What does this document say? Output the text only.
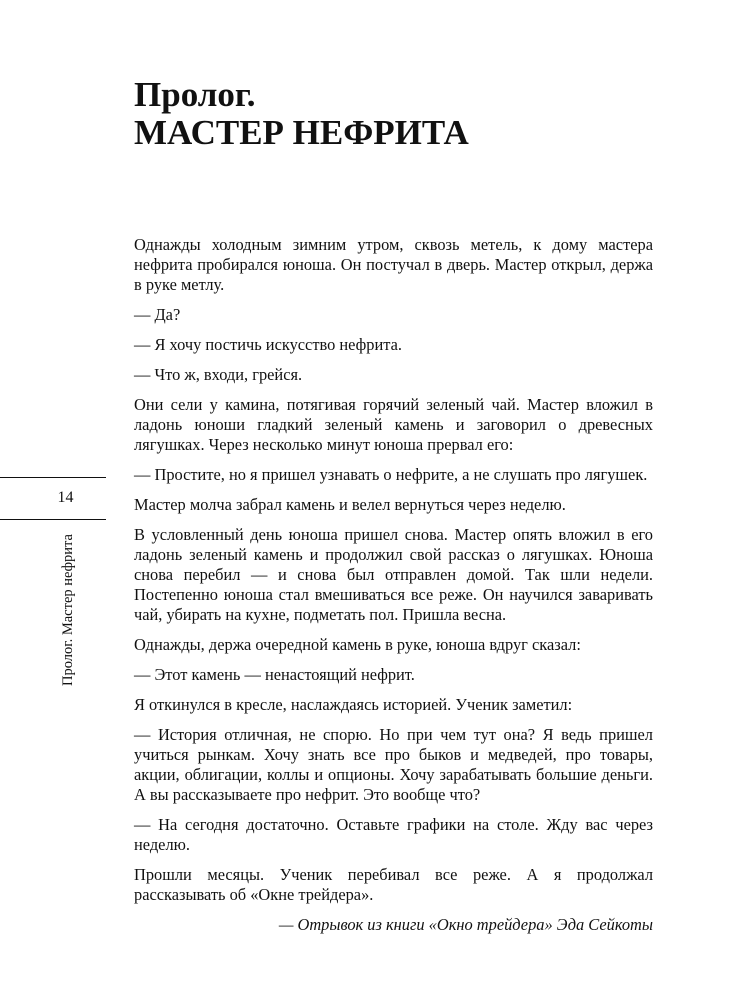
Пролог.
МАСТЕР НЕФРИТА
14
Пролог. Мастер нефрита

Однажды холодным зимним утром, сквозь метель, к дому мастера нефрита пробирался юноша. Он постучал в дверь. Мастер открыл, держа в руке метлу.

— Да?

— Я хочу постичь искусство нефрита.

— Что ж, входи, грейся.

Они сели у камина, потягивая горячий зеленый чай. Мастер вложил в ладонь юноши гладкий зеленый камень и заговорил о древесных лягушках. Через несколько минут юноша прервал его:

— Простите, но я пришел узнавать о нефрите, а не слушать про лягушек.

Мастер молча забрал камень и велел вернуться через неделю.

В условленный день юноша пришел снова. Мастер опять вложил в его ладонь зеленый камень и продолжил свой рассказ о лягушках. Юноша снова перебил — и снова был отправлен домой. Так шли недели. Постепенно юноша стал вмешиваться все реже. Он научился заваривать чай, убирать на кухне, подметать пол. Пришла весна.

Однажды, держа очередной камень в руке, юноша вдруг сказал:

— Этот камень — ненастоящий нефрит.

Я откинулся в кресле, наслаждаясь историей. Ученик заметил:

— История отличная, не спорю. Но при чем тут она? Я ведь пришел учиться рынкам. Хочу знать все про быков и медведей, про товары, акции, облигации, коллы и опционы. Хочу зарабатывать большие деньги. А вы рассказываете про нефрит. Это вообще что?

— На сегодня достаточно. Оставьте графики на столе. Жду вас через неделю.

Прошли месяцы. Ученик перебивал все реже. А я продолжал рассказывать об «Окне трейдера».

— Отрывок из книги «Окно трейдера» Эда Сейкоты
